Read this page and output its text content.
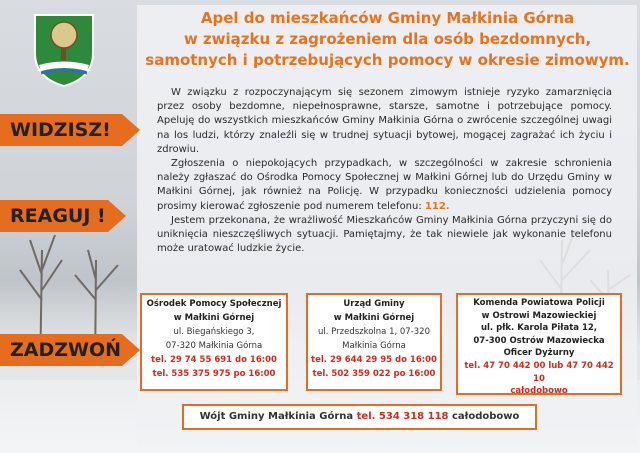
Apel do mieszkańców Gminy Małkinia Górna
w związku z zagrożeniem dla osób bezdomnych,
samotnych i potrzebujących pomocy w okresie zimowym.
WIDZISZ!
REAGUJ !
ZADZWOŃ!

W związku z rozpoczynającym się sezonem zimowym istnieje ryzyko zamarznięcia przez osoby bezdomne, niepełnosprawne, starsze, samotne i potrzebujące pomocy. Apeluję do wszystkich mieszkańców Gminy Małkinia Górna o zwrócenie szczególnej uwagi na los ludzi, którzy znaleźli się w trudnej sytuacji bytowej, mogącej zagrażać ich życiu i zdrowiu.

Zgłoszenia o niepokojących przypadkach, w szczególności w zakresie schronienia należy zgłaszać do Ośrodka Pomocy Społecznej w Małkini Górnej lub do Urzędu Gminy w Małkini Górnej, jak również na Policję. W przypadku konieczności udzielenia pomocy prosimy kierować zgłoszenie pod numerem telefonu: 112.

Jestem przekonana, że wrażliwość Mieszkańców Gminy Małkinia Górna przyczyni się do uniknięcia nieszczęśliwych sytuacji. Pamiętajmy, że tak niewiele jak wykonanie telefonu może uratować ludzkie życie.

Ośrodek Pomocy Społecznej
w Małkini Górnej
ul. Biegańskiego 3,
07-320 Małkinia Górna
tel. 29 74 55 691 do 16:00
tel. 535 375 975 po 16:00
Urząd Gminy
w Małkini Górnej
ul. Przedszkolna 1, 07-320
Małkinia Górna
tel. 29 644 29 95 do 16:00
tel. 502 359 022 po 16:00
Komenda Powiatowa Policji
w Ostrowi Mazowieckiej
ul. płk. Karola Piłata 12,
07-300 Ostrów Mazowiecka
Oficer Dyżurny
tel. 47 70 442 00 lub 47 70 442 10
całodobowo
Wójt Gminy Małkinia Górna tel. 534 318 118 całodobowo
